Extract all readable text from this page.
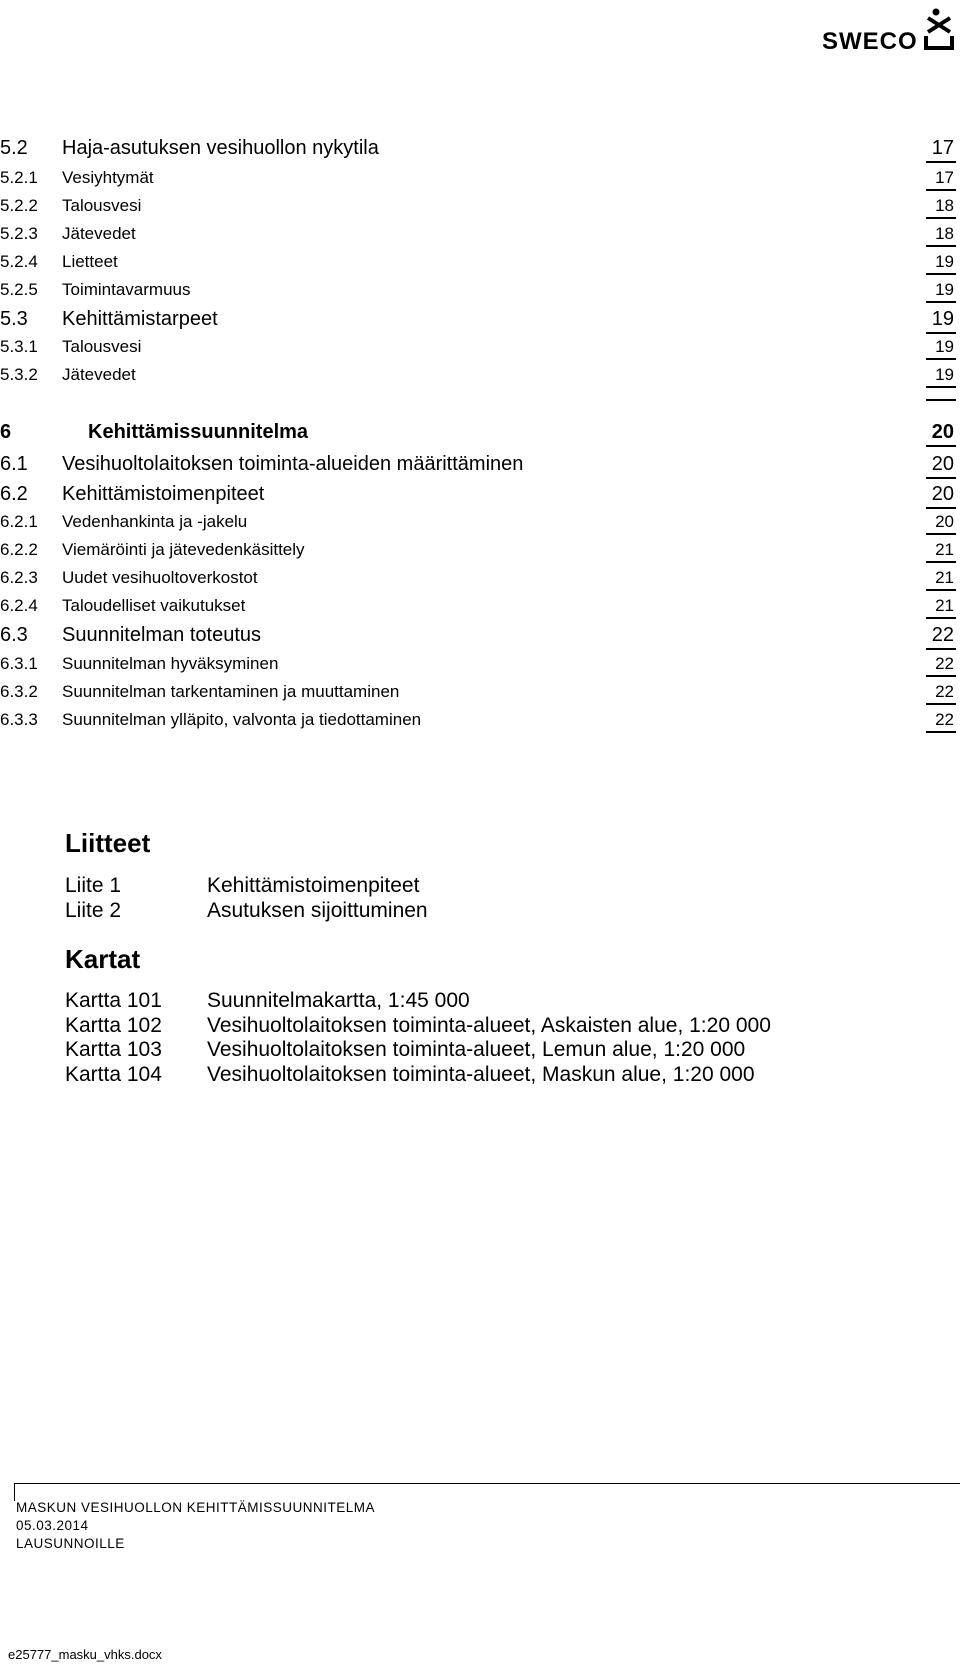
SWECO
5.2 Haja-asutuksen vesihuollon nykytila	17
5.2.1 Vesiyhtymät	17
5.2.2 Talousvesi	18
5.2.3 Jätevedet	18
5.2.4 Lietteet	19
5.2.5 Toimintavarmuus	19
5.3 Kehittämistarpeet	19
5.3.1 Talousvesi	19
5.3.2 Jätevedet	19
6	Kehittämissuunnitelma	20
6.1 Vesihuoltolaitoksen toiminta-alueiden määrittäminen	20
6.2 Kehittämistoimenpiteet	20
6.2.1 Vedenhankinta ja -jakelu	20
6.2.2 Viemäröinti ja jätevedenkäsittely	21
6.2.3 Uudet vesihuoltoverkostot	21
6.2.4 Taloudelliset vaikutukset	21
6.3 Suunnitelman toteutus	22
6.3.1 Suunnitelman hyväksyminen	22
6.3.2 Suunnitelman tarkentaminen ja muuttaminen	22
6.3.3 Suunnitelman ylläpito, valvonta ja tiedottaminen	22
Liitteet
Liite 1	Kehittämistoimenpiteet
Liite 2	Asutuksen sijoittuminen
Kartat
Kartta 101 Suunnitelmakartta, 1:45 000
Kartta 102 Vesihuoltolaitoksen toiminta-alueet, Askaisten alue, 1:20 000
Kartta 103 Vesihuoltolaitoksen toiminta-alueet, Lemun alue, 1:20 000
Kartta 104 Vesihuoltolaitoksen toiminta-alueet, Maskun alue, 1:20 000
MASKUN VESIHUOLLON KEHITTÄMISSUUNNITELMA
05.03.2014
LAUSUNNOILLE
e25777_masku_vhks.docx
